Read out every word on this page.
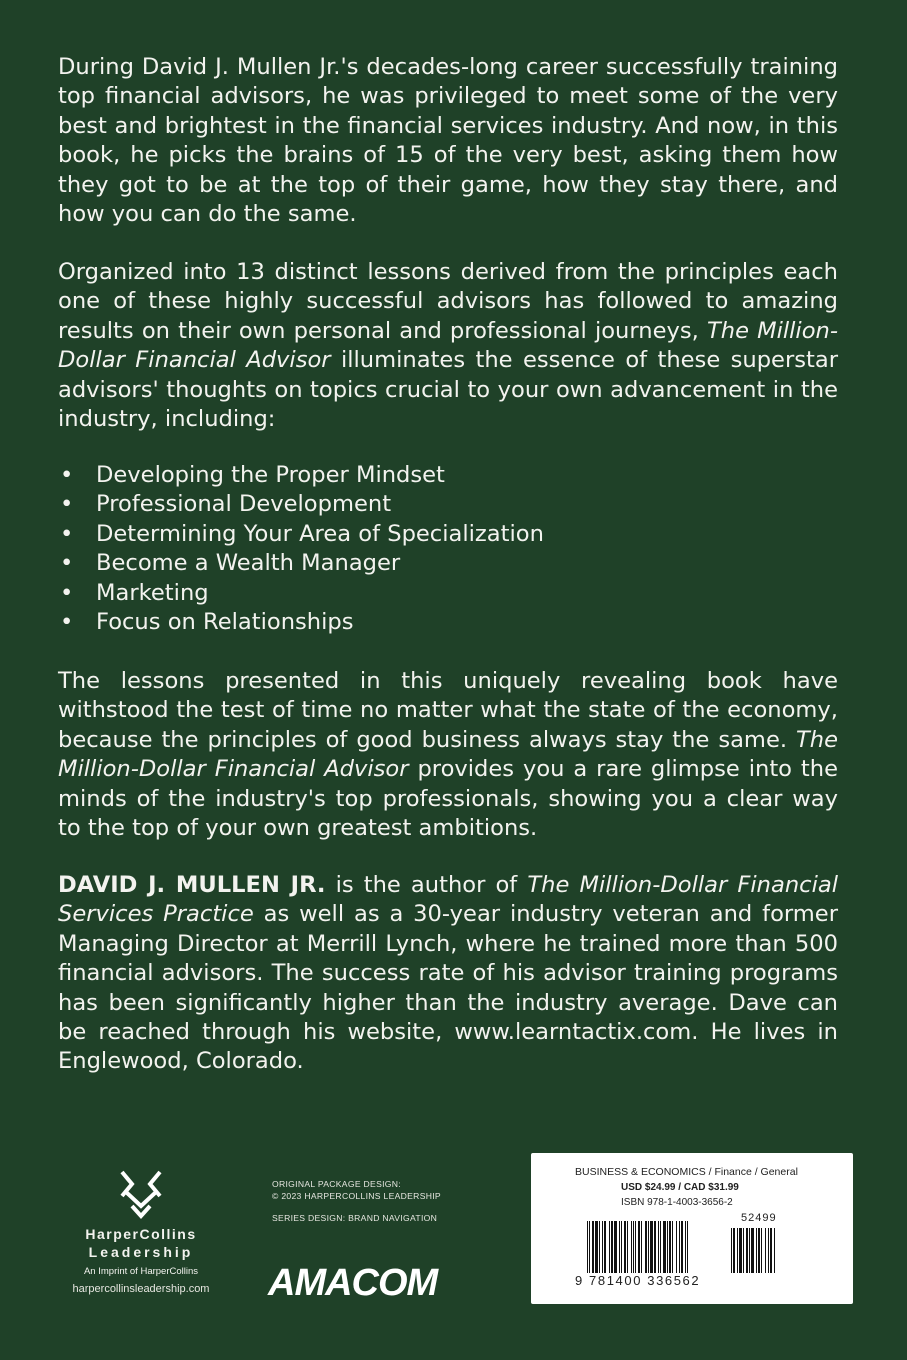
During David J. Mullen Jr.'s decades-long career successfully training top financial advisors, he was privileged to meet some of the very best and brightest in the financial services industry. And now, in this book, he picks the brains of 15 of the very best, asking them how they got to be at the top of their game, how they stay there, and how you can do the same.
Organized into 13 distinct lessons derived from the principles each one of these highly successful advisors has followed to amazing results on their own personal and professional journeys, The Million-Dollar Financial Advisor illuminates the essence of these superstar advisors' thoughts on topics crucial to your own advancement in the industry, including:
• Developing the Proper Mindset
• Professional Development
• Determining Your Area of Specialization
• Become a Wealth Manager
• Marketing
• Focus on Relationships
The lessons presented in this uniquely revealing book have withstood the test of time no matter what the state of the economy, because the principles of good business always stay the same. The Million-Dollar Financial Advisor provides you a rare glimpse into the minds of the industry's top professionals, showing you a clear way to the top of your own greatest ambitions.
DAVID J. MULLEN JR. is the author of The Million-Dollar Financial Services Practice as well as a 30-year industry veteran and former Managing Director at Merrill Lynch, where he trained more than 500 financial advisors. The success rate of his advisor training programs has been significantly higher than the industry average. Dave can be reached through his website, www.learntactix.com. He lives in Englewood, Colorado.
HarperCollins
Leadership
An Imprint of HarperCollins
harpercollinsleadership.com
ORIGINAL PACKAGE DESIGN:
© 2023 HARPERCOLLINS LEADERSHIP
SERIES DESIGN: BRAND NAVIGATION
AMACOM
BUSINESS & ECONOMICS / Finance / General
USD $24.99 / CAD $31.99
ISBN 978-1-4003-3656-2
52499
9 781400 336562
